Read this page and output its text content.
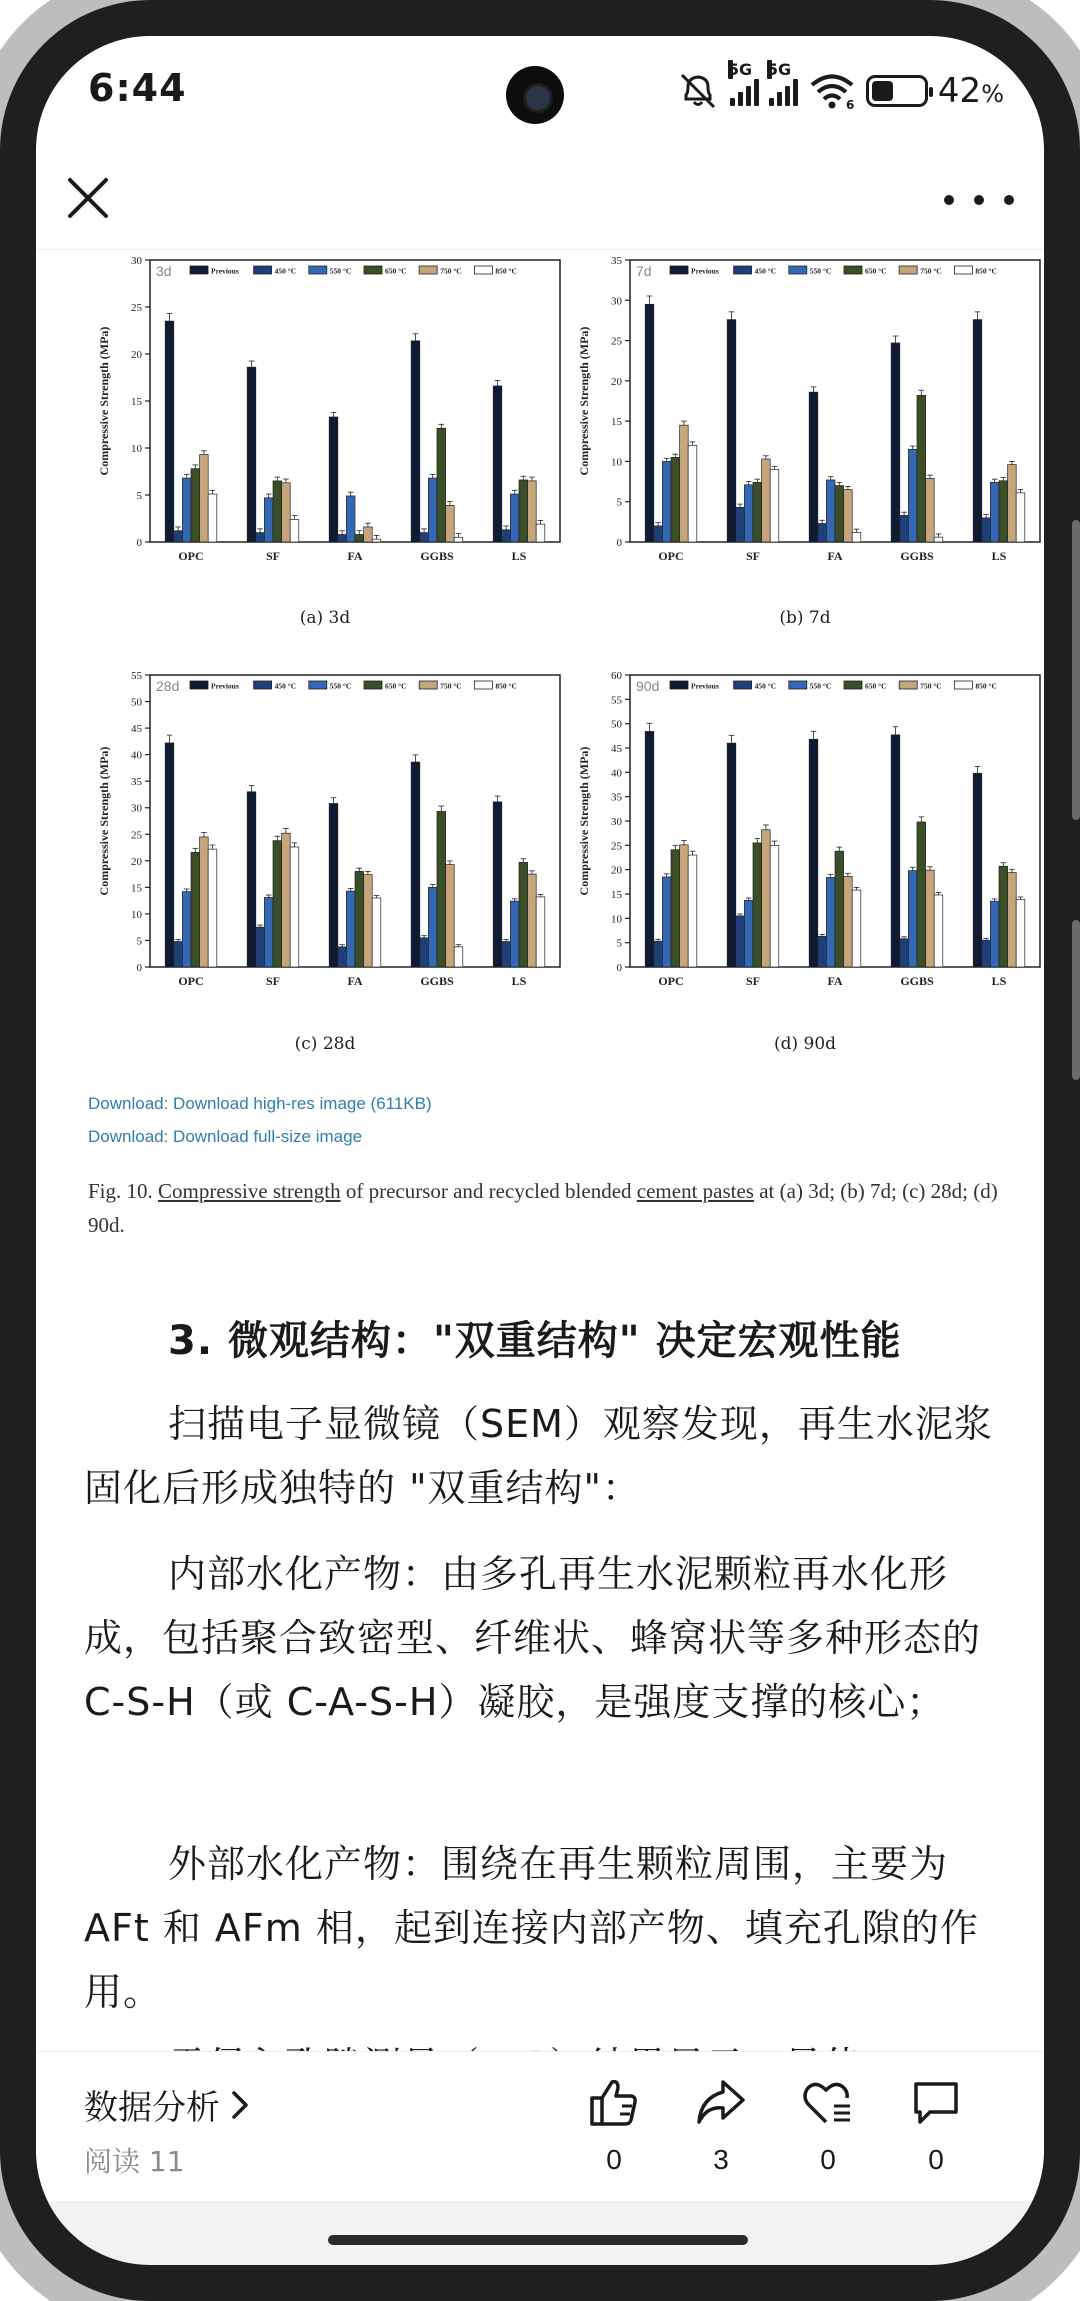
6:44	5G 5G
6 42%
0
5
10
15
20
25
30
Compressive Strength (MPa)
3d	Previous	450 °C	550 °C	650 °C	750 °C	850 °C
OPC	SF	FA	GGBS	LS
(a) 3d
0
5
10
15
20
25
30
35
Compressive Strength (MPa)
7d	Previous	450 °C	550 °C	650 °C	750 °C	850 °C
OPC	SF	FA	GGBS	LS
(b) 7d
0
5
10
15
20
25
30
35
40
45
50
55
Compressive Strength (MPa)
28d	Previous	450 °C	550 °C	650 °C	750 °C	850 °C
OPC	SF	FA	GGBS	LS
(c) 28d
0
5
10
15
20
25
30
35
40
45
50
55
60
Compressive Strength (MPa)
90d	Previous	450 °C	550 °C	650 °C	750 °C	850 °C
OPC	SF	FA	GGBS	LS
(d) 90d
Download: Download high-res image (611KB)
Download: Download full-size image
Fig. 10. Compressive strength of precursor and recycled blended cement pastes at (a) 3d; (b) 7d; (c) 28d; (d) 90d.
3. 微观结构："双重结构" 决定宏观性能
扫描电子显微镜（SEM）观察发现，再生水泥浆固化后形成独特的 "双重结构"：
内部水化产物：由多孔再生水泥颗粒再水化形成，包括聚合致密型、纤维状、蜂窝状等多种形态的 C-S-H（或 C-A-S-H）凝胶，是强度支撑的核心；
外部水化产物：围绕在再生颗粒周围，主要为 AFt 和 AFm 相，起到连接内部产物、填充孔隙的作用。
数据分析
阅读 11	0	3	0	0
